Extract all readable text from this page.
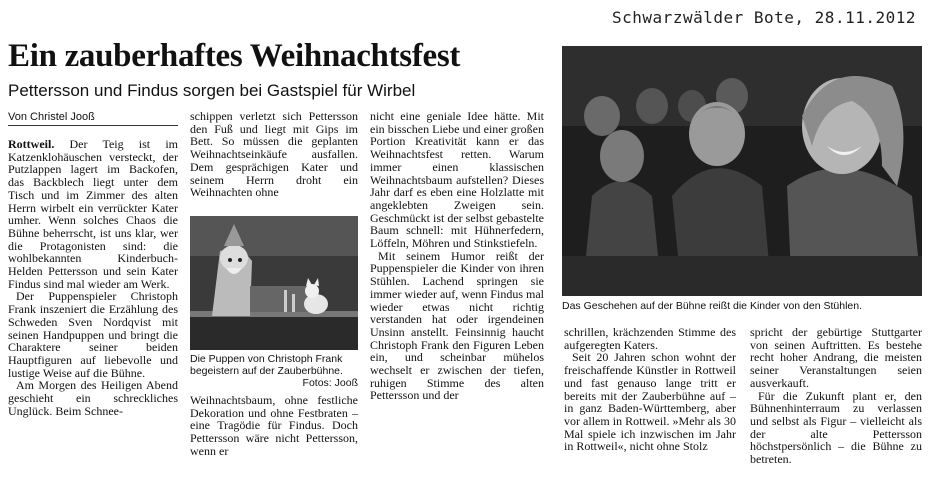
Schwarzwälder Bote, 28.11.2012
Ein zauberhaftes Weihnachtsfest
Pettersson und Findus sorgen bei Gastspiel für Wirbel
Von Christel Jooß

Rottweil. Der Teig ist im Katzenklohäuschen versteckt, der Putzlappen lagert im Backofen, das Backblech liegt unter dem Tisch und im Zimmer des alten Herrn wirbelt ein verrückter Kater umher. Wenn solches Chaos die Bühne beherrscht, ist uns klar, wer die Protagonisten sind: die wohlbekannten Kinderbuch-Helden Pettersson und sein Kater Findus sind mal wieder am Werk.

Der Puppenspieler Christoph Frank inszeniert die Erzählung des Schweden Sven Nordqvist mit seinen Handpuppen und bringt die Charaktere seiner beiden Hauptfiguren auf liebevolle und lustige Weise auf die Bühne.

Am Morgen des Heiligen Abend geschieht ein schreckliches Unglück. Beim Schnee-

schippen verletzt sich Pettersson den Fuß und liegt mit Gips im Bett. So müssen die geplanten Weihnachtseinkäufe ausfallen. Dem gesprächigen Kater und seinem Herrn droht ein Weihnachten ohne

Die Puppen von Christoph Frank begeistern auf der Zauberbühne.
Fotos: Jooß

Weihnachtsbaum, ohne festliche Dekoration und ohne Festbraten – eine Tragödie für Findus. Doch Pettersson wäre nicht Pettersson, wenn er

nicht eine geniale Idee hätte. Mit ein bisschen Liebe und einer großen Portion Kreativität kann er das Weihnachtsfest retten. Warum immer einen klassischen Weihnachtsbaum aufstellen? Dieses Jahr darf es eben eine Holzlatte mit angeklebten Zweigen sein. Geschmückt ist der selbst gebastelte Baum schnell: mit Hühnerfedern, Löffeln, Möhren und Stinkstiefeln.

Mit seinem Humor reißt der Puppenspieler die Kinder von ihren Stühlen. Lachend springen sie immer wieder auf, wenn Findus mal wieder etwas nicht richtig verstanden hat oder irgendeinen Unsinn anstellt. Feinsinnig haucht Christoph Frank den Figuren Leben ein, und scheinbar mühelos wechselt er zwischen der tiefen, ruhigen Stimme des alten Pettersson und der

Das Geschehen auf der Bühne reißt die Kinder von den Stühlen.

schrillen, krächzenden Stimme des aufgeregten Katers.

Seit 20 Jahren schon wohnt der freischaffende Künstler in Rottweil und fast genauso lange tritt er bereits mit der Zauberbühne auf – in ganz Baden-Württemberg, aber vor allem in Rottweil. »Mehr als 30 Mal spiele ich inzwischen im Jahr in Rottweil«, nicht ohne Stolz

spricht der gebürtige Stuttgarter von seinen Auftritten. Es bestehe recht hoher Andrang, die meisten seiner Veranstaltungen seien ausverkauft.

Für die Zukunft plant er, den Bühnenhinterraum zu verlassen und selbst als Figur – vielleicht als der alte Pettersson höchstpersönlich – die Bühne zu betreten.
